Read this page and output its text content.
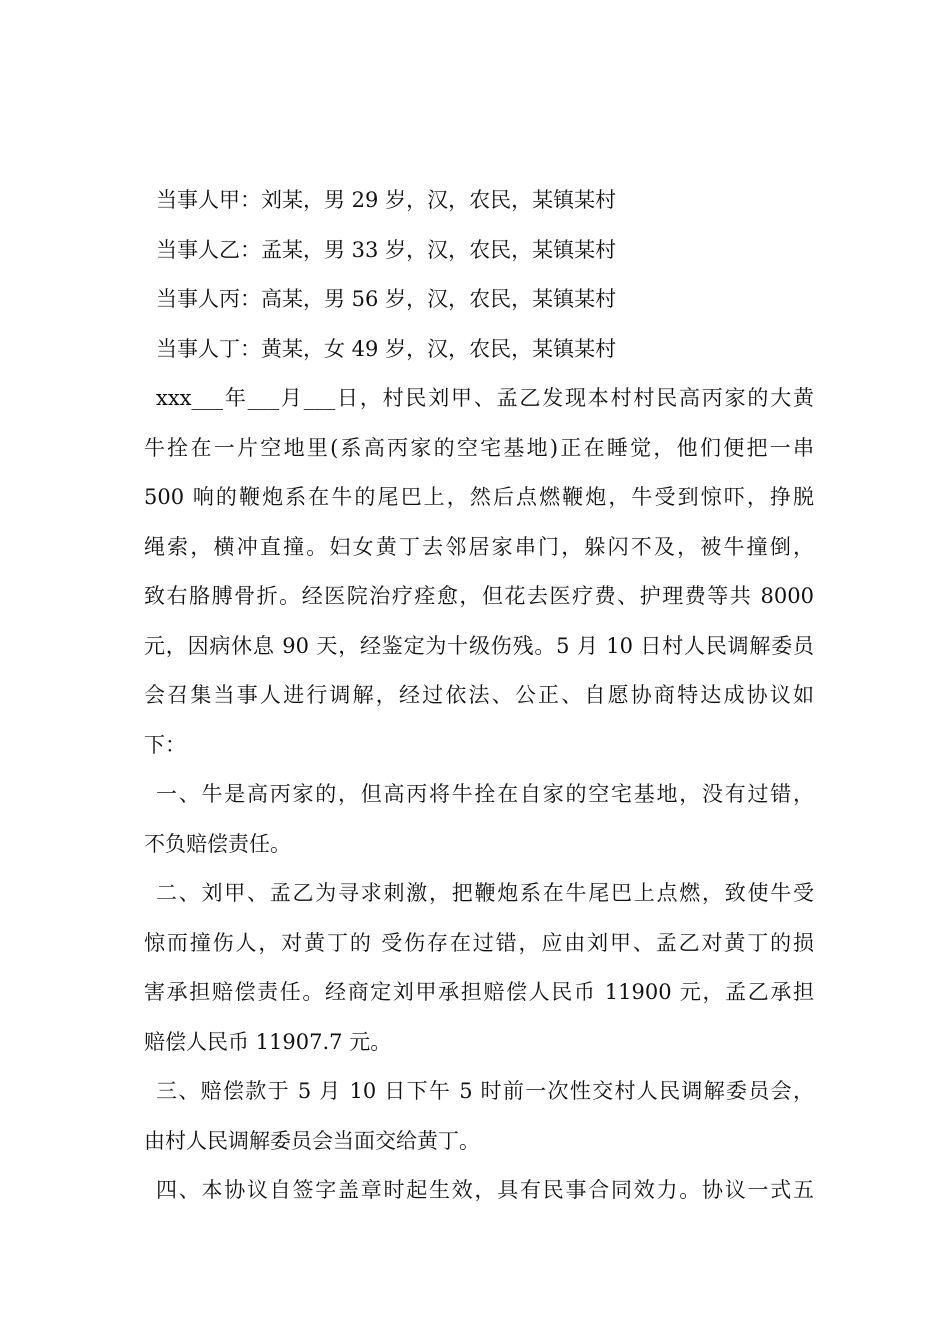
当事人甲：刘某，男 29 岁，汉，农民，某镇某村
当事人乙：孟某，男 33 岁，汉，农民，某镇某村
当事人丙：高某，男 56 岁，汉，农民，某镇某村
当事人丁：黄某，女 49 岁，汉，农民，某镇某村
xxx___年___月___日，村民刘甲、孟乙发现本村村民高丙家的大黄
牛拴在一片空地里(系高丙家的空宅基地)正在睡觉，他们便把一串
500 响的鞭炮系在牛的尾巴上，然后点燃鞭炮，牛受到惊吓，挣脱
绳索，横冲直撞。妇女黄丁去邻居家串门，躲闪不及，被牛撞倒，
致右胳膊骨折。经医院治疗痊愈，但花去医疗费、护理费等共 8000
元，因病休息 90 天，经鉴定为十级伤残。5 月 10 日村人民调解委员
会召集当事人进行调解，经过依法、公正、自愿协商特达成协议如
下：
一、牛是高丙家的，但高丙将牛拴在自家的空宅基地，没有过错，
不负赔偿责任。
二、刘甲、孟乙为寻求刺激，把鞭炮系在牛尾巴上点燃，致使牛受
惊而撞伤人，对黄丁的 受伤存在过错，应由刘甲、孟乙对黄丁的损
害承担赔偿责任。经商定刘甲承担赔偿人民币 11900 元，孟乙承担
赔偿人民币 11907.7 元。
三、赔偿款于 5 月 10 日下午 5 时前一次性交村人民调解委员会，
由村人民调解委员会当面交给黄丁。
四、本协议自签字盖章时起生效，具有民事合同效力。协议一式五
